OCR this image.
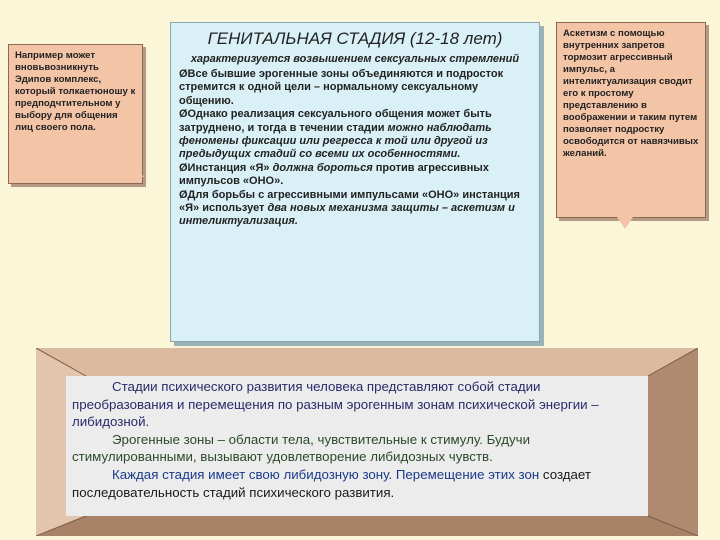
Например может вновьвозникнуть Эдипов комплекс, который толкаетюношу к предподчтительном у выбору для общения лиц своего пола.
Аскетизм с помощью внутренних запретов тормозит агрессивный импульс, а интеликтуализация сводит его к простому представлению в воображении и таким путем позволяет подростку освободится от навязчивых желаний.
ГЕНИТАЛЬНАЯ СТАДИЯ (12-18 лет)
характеризуется возвышением сексуальных стремлений

ØВсе бывшие эрогенные зоны объединяются и подросток стремится к одной цели – нормальному сексуальному общению.

ØОднако реализация сексуального общения может быть затруднено, и тогда в течении стадии можно наблюдать феномены фиксации или регресса к той или другой из предыдущих стадий со всеми их особенностями.

ØИнстанция «Я» должна бороться против агрессивных импульсов «ОНО».

ØДля борьбы с агрессивными импульсами «ОНО» инстанция «Я» использует два новых механизма защиты – аскетизм и интеликтуализация.

Стадии психического развития человека представляют собой стадии преобразования и перемещения по разным эрогенным зонам психической энергии – либидозной.

Эрогенные зоны – области тела, чувствительные к стимулу. Будучи стимулированными, вызывают удовлетворение либидозных чувств.

Каждая стадия имеет свою либидозную зону. Перемещение этих зон создает последовательность стадий психического развития.
